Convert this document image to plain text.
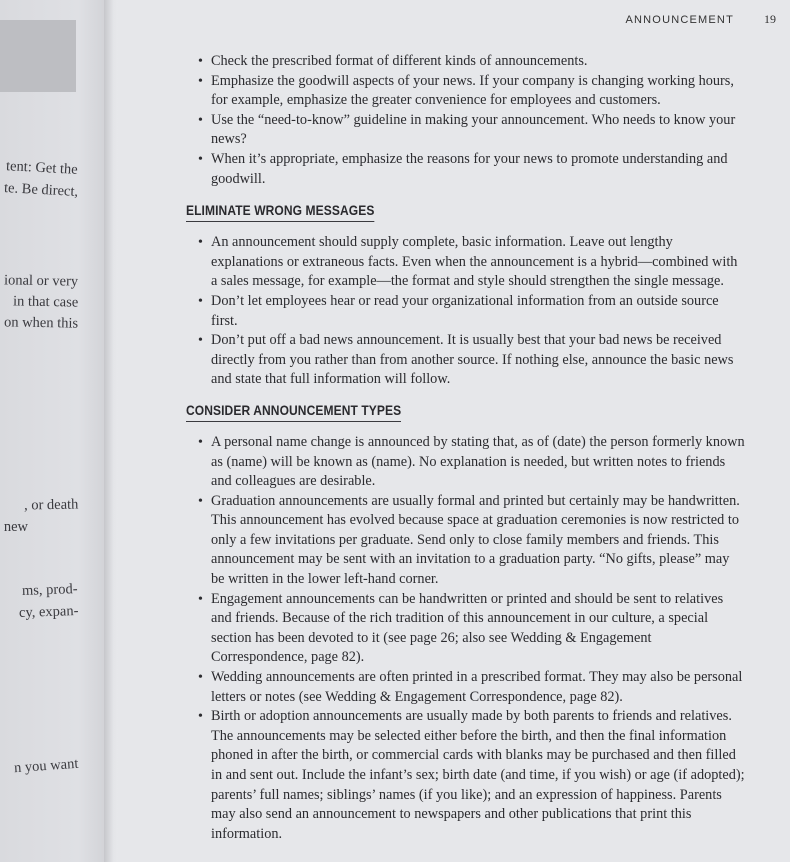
tent: Get the
te. Be direct,
ional or very
in that case
on when this
, or death
new
ms, prod-
cy, expan-
n you want
ANNOUNCEMENT	19
• Check the prescribed format of different kinds of announcements.
• Emphasize the goodwill aspects of your news. If your company is changing working hours, for example, emphasize the greater convenience for employees and customers.
• Use the “need-to-know” guideline in making your announcement. Who needs to know your news?
• When it’s appropriate, emphasize the reasons for your news to promote understanding and goodwill.
ELIMINATE WRONG MESSAGES
• An announcement should supply complete, basic information. Leave out lengthy explanations or extraneous facts. Even when the announcement is a hybrid—combined with a sales message, for example—the format and style should strengthen the single message.
• Don’t let employees hear or read your organizational information from an outside source first.
• Don’t put off a bad news announcement. It is usually best that your bad news be received directly from you rather than from another source. If nothing else, announce the basic news and state that full information will follow.
CONSIDER ANNOUNCEMENT TYPES
• A personal name change is announced by stating that, as of (date) the person formerly known as (name) will be known as (name). No explanation is needed, but written notes to friends and colleagues are desirable.
• Graduation announcements are usually formal and printed but certainly may be handwritten. This announcement has evolved because space at graduation ceremonies is now restricted to only a few invitations per graduate. Send only to close family members and friends. This announcement may be sent with an invitation to a graduation party. “No gifts, please” may be written in the lower left-hand corner.
• Engagement announcements can be handwritten or printed and should be sent to relatives and friends. Because of the rich tradition of this announcement in our culture, a special section has been devoted to it (see page 26; also see Wedding & Engagement Correspondence, page 82).
• Wedding announcements are often printed in a prescribed format. They may also be personal letters or notes (see Wedding & Engagement Correspondence, page 82).
• Birth or adoption announcements are usually made by both parents to friends and relatives. The announcements may be selected either before the birth, and then the final information phoned in after the birth, or commercial cards with blanks may be purchased and then filled in and sent out. Include the infant’s sex; birth date (and time, if you wish) or age (if adopted); parents’ full names; siblings’ names (if you like); and an expression of happiness. Parents may also send an announcement to newspapers and other publications that print this information.
